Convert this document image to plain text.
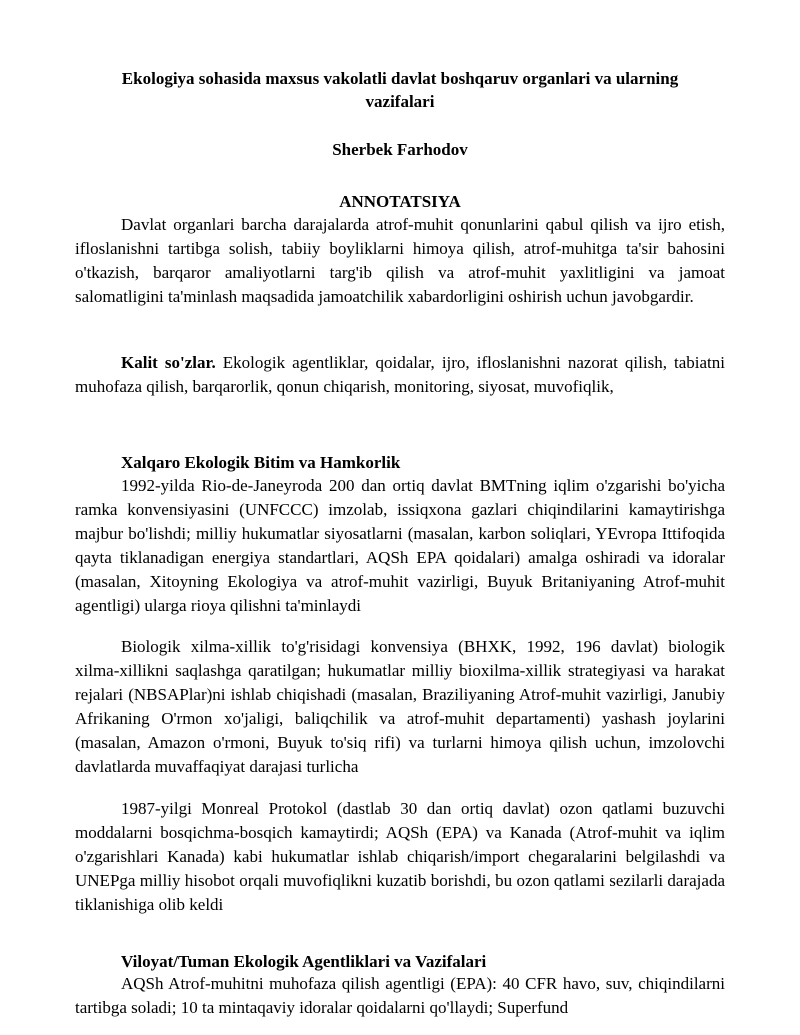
Ekologiya sohasida maxsus vakolatli davlat boshqaruv organlari va ularning vazifalari
Sherbek Farhodov
ANNOTATSIYA

Davlat organlari barcha darajalarda atrof-muhit qonunlarini qabul qilish va ijro etish, ifloslanishni tartibga solish, tabiiy boyliklarni himoya qilish, atrof-muhitga ta'sir bahosini o'tkazish, barqaror amaliyotlarni targ'ib qilish va atrof-muhit yaxlitligini va jamoat salomatligini ta'minlash maqsadida jamoatchilik xabardorligini oshirish uchun javobgardir.

Kalit so'zlar. Ekologik agentliklar, qoidalar, ijro, ifloslanishni nazorat qilish, tabiatni muhofaza qilish, barqarorlik, qonun chiqarish, monitoring, siyosat, muvofiqlik,

Xalqaro Ekologik Bitim va Hamkorlik

1992-yilda Rio-de-Janeyroda 200 dan ortiq davlat BMTning iqlim o'zgarishi bo'yicha ramka konvensiyasini (UNFCCC) imzolab, issiqxona gazlari chiqindilarini kamaytirishga majbur bo'lishdi; milliy hukumatlar siyosatlarni (masalan, karbon soliqlari, YEvropa Ittifoqida qayta tiklanadigan energiya standartlari, AQSh EPA qoidalari) amalga oshiradi va idoralar (masalan, Xitoyning Ekologiya va atrof-muhit vazirligi, Buyuk Britaniyaning Atrof-muhit agentligi) ularga rioya qilishni ta'minlaydi

Biologik xilma-xillik to'g'risidagi konvensiya (BHXK, 1992, 196 davlat) biologik xilma-xillikni saqlashga qaratilgan; hukumatlar milliy bioxilma-xillik strategiyasi va harakat rejalari (NBSAPlar)ni ishlab chiqishadi (masalan, Braziliyaning Atrof-muhit vazirligi, Janubiy Afrikaning O'rmon xo'jaligi, baliqchilik va atrof-muhit departamenti) yashash joylarini (masalan, Amazon o'rmoni, Buyuk to'siq rifi) va turlarni himoya qilish uchun, imzolovchi davlatlarda muvaffaqiyat darajasi turlicha

1987-yilgi Monreal Protokol (dastlab 30 dan ortiq davlat) ozon qatlami buzuvchi moddalarni bosqichma-bosqich kamaytirdi; AQSh (EPA) va Kanada (Atrof-muhit va iqlim o'zgarishlari Kanada) kabi hukumatlar ishlab chiqarish/import chegaralarini belgilashdi va UNEPga milliy hisobot orqali muvofiqlikni kuzatib borishdi, bu ozon qatlami sezilarli darajada tiklanishiga olib keldi

Viloyat/Tuman Ekologik Agentliklari va Vazifalari

AQSh Atrof-muhitni muhofaza qilish agentligi (EPA): 40 CFR havo, suv, chiqindilarni tartibga soladi; 10 ta mintaqaviy idoralar qoidalarni qo'llaydi; Superfund
